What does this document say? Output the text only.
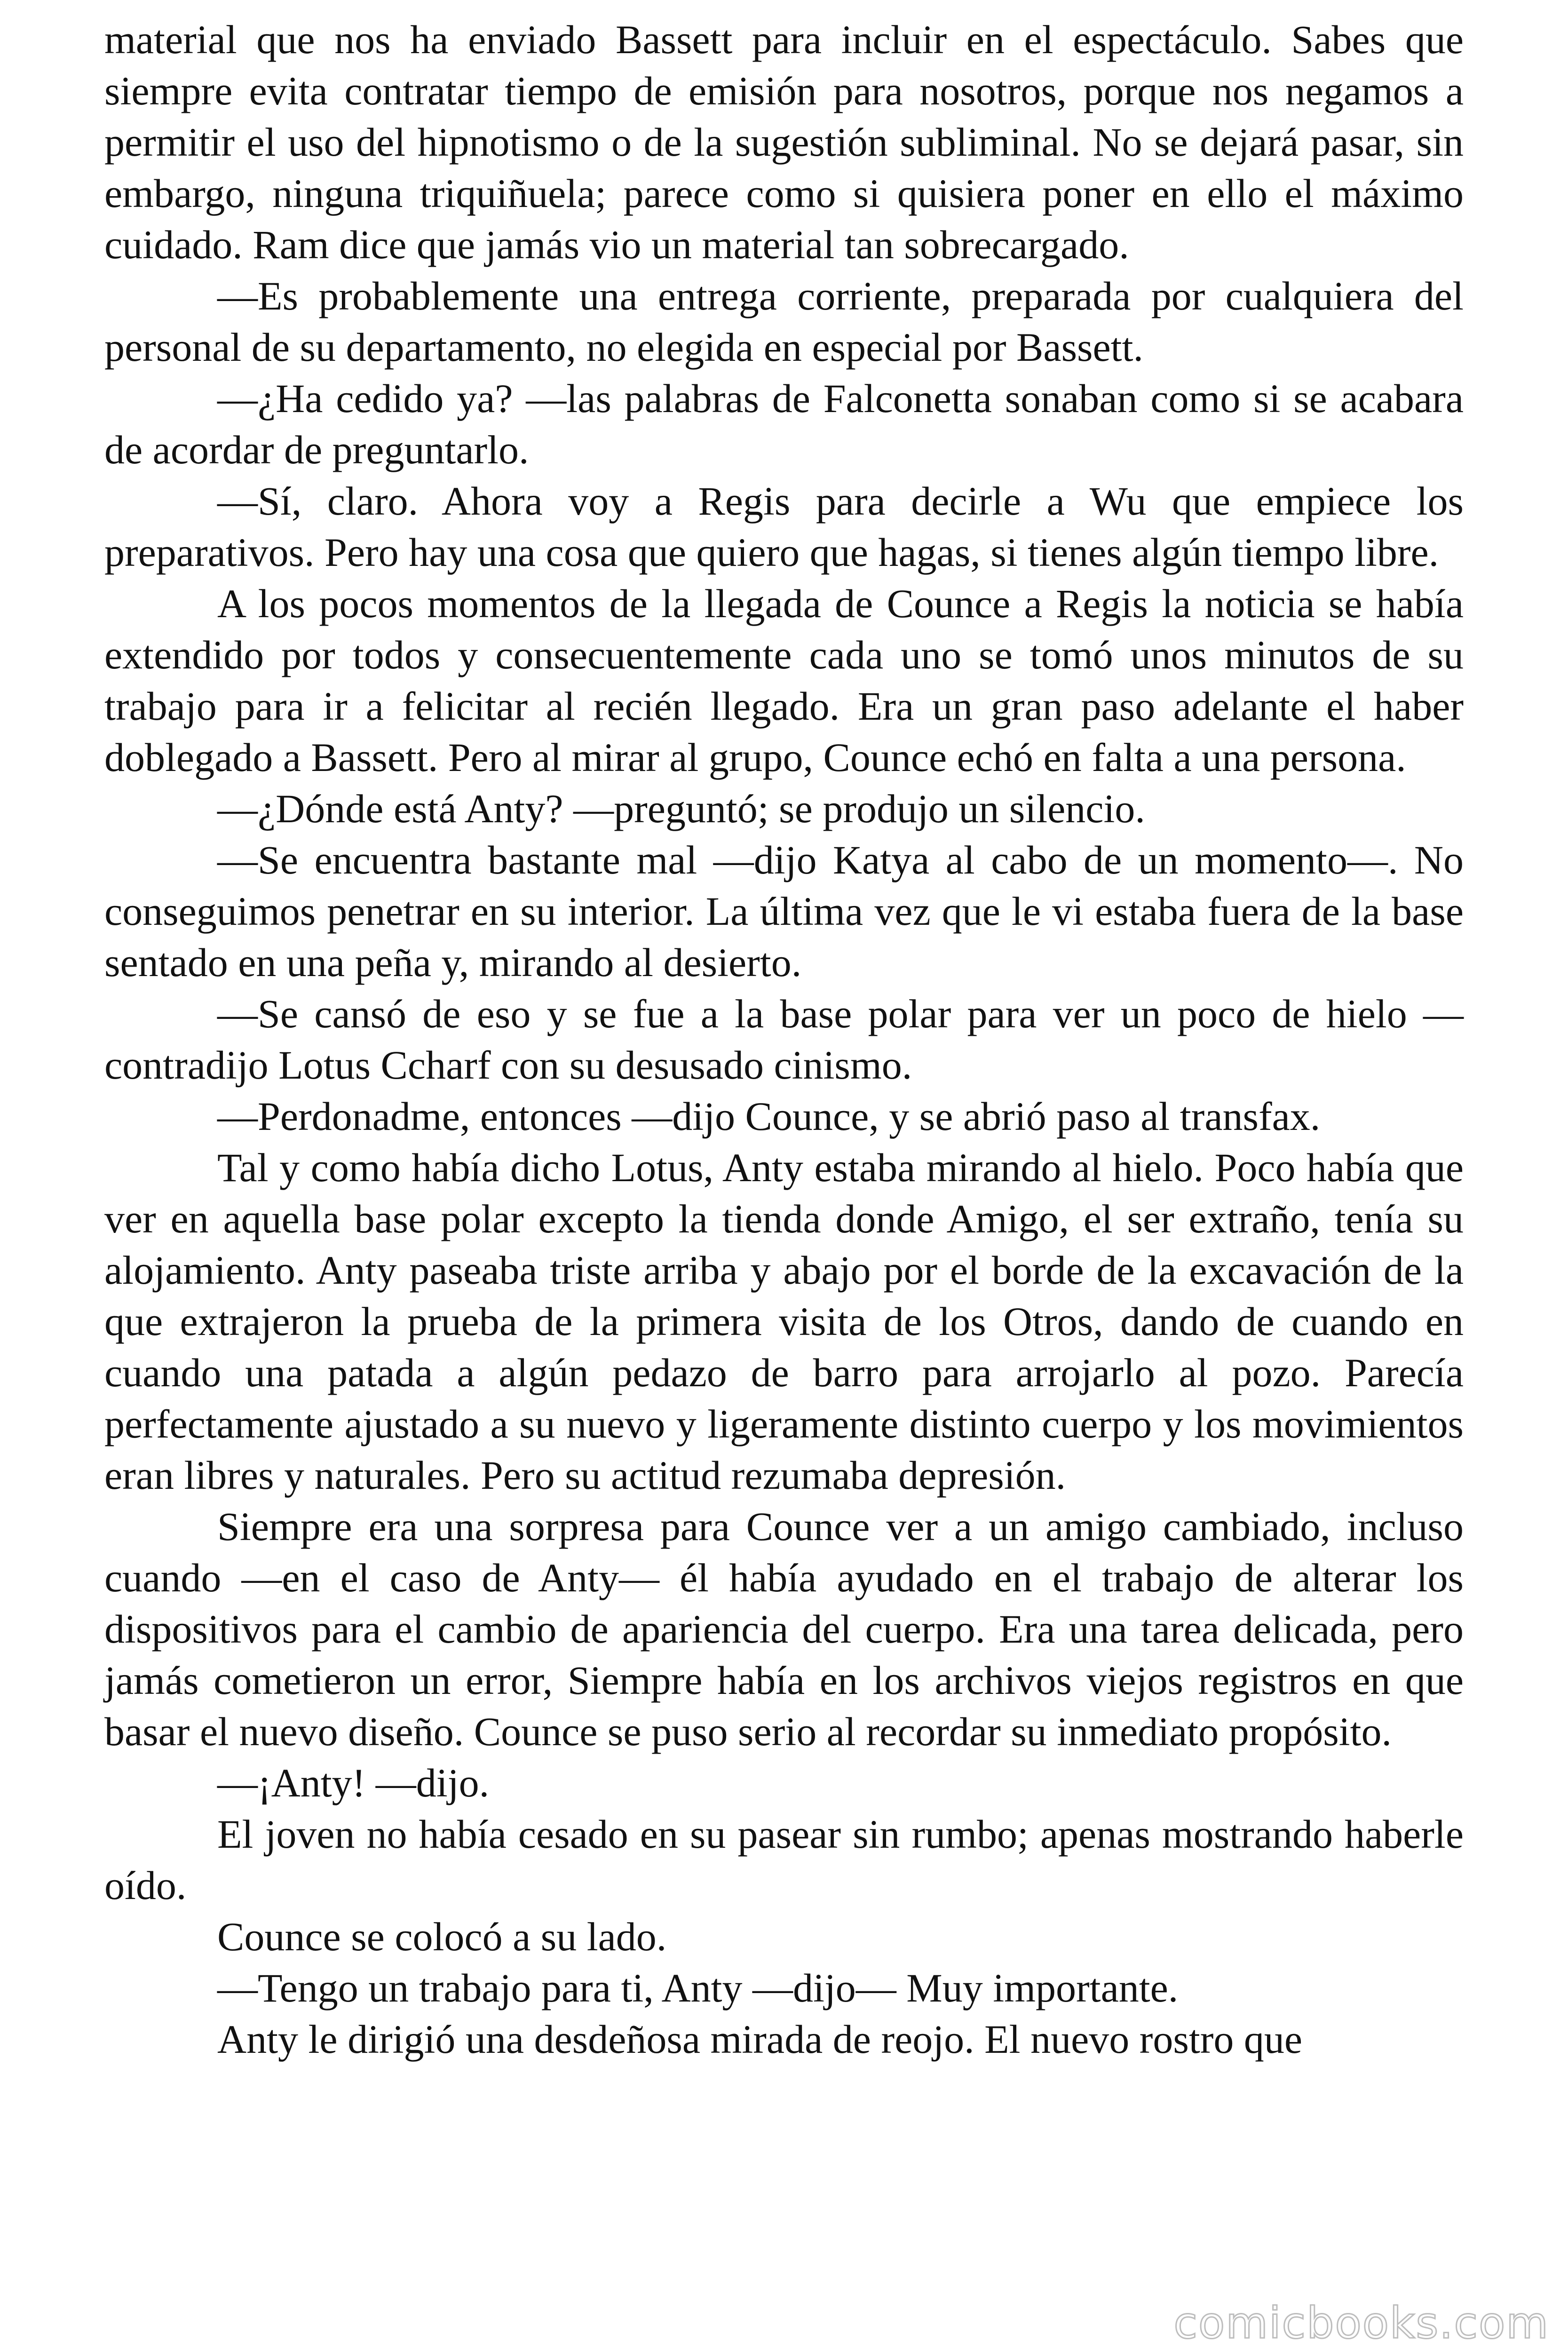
material que nos ha enviado Bassett para incluir en el espectáculo. Sabes que siempre evita contratar tiempo de emisión para nosotros, porque nos negamos a permitir el uso del hipnotismo o de la sugestión subliminal. No se dejará pasar, sin embargo, ninguna triquiñuela; parece como si quisiera poner en ello el máximo cuidado. Ram dice que jamás vio un material tan sobrecargado.

—Es probablemente una entrega corriente, preparada por cualquiera del personal de su departamento, no elegida en especial por Bassett.

—¿Ha cedido ya? —las palabras de Falconetta sonaban como si se acabara de acordar de preguntarlo.

—Sí, claro. Ahora voy a Regis para decirle a Wu que empiece los preparativos. Pero hay una cosa que quiero que hagas, si tienes algún tiempo libre.

A los pocos momentos de la llegada de Counce a Regis la noticia se había extendido por todos y consecuentemente cada uno se tomó unos minutos de su trabajo para ir a felicitar al recién llegado. Era un gran paso adelante el haber doblegado a Bassett. Pero al mirar al grupo, Counce echó en falta a una persona.

—¿Dónde está Anty? —preguntó; se produjo un silencio.

—Se encuentra bastante mal —dijo Katya al cabo de un momento—. No conseguimos penetrar en su interior. La última vez que le vi estaba fuera de la base sentado en una peña y, mirando al desierto.

—Se cansó de eso y se fue a la base polar para ver un poco de hielo —contradijo Lotus Ccharf con su desusado cinismo.

—Perdonadme, entonces —dijo Counce, y se abrió paso al transfax.

Tal y como había dicho Lotus, Anty estaba mirando al hielo. Poco había que ver en aquella base polar excepto la tienda donde Amigo, el ser extraño, tenía su alojamiento. Anty paseaba triste arriba y abajo por el borde de la excavación de la que extrajeron la prueba de la primera visita de los Otros, dando de cuando en cuando una patada a algún pedazo de barro para arrojarlo al pozo. Parecía perfectamente ajustado a su nuevo y ligeramente distinto cuerpo y los movimientos eran libres y naturales. Pero su actitud rezumaba depresión.

Siempre era una sorpresa para Counce ver a un amigo cambiado, incluso cuando —en el caso de Anty— él había ayudado en el trabajo de alterar los dispositivos para el cambio de apariencia del cuerpo. Era una tarea delicada, pero jamás cometieron un error, Siempre había en los archivos viejos registros en que basar el nuevo diseño. Counce se puso serio al recordar su inmediato propósito.

—¡Anty! —dijo.

El joven no había cesado en su pasear sin rumbo; apenas mostrando haberle oído.

Counce se colocó a su lado.

—Tengo un trabajo para ti, Anty —dijo— Muy importante.

Anty le dirigió una desdeñosa mirada de reojo. El nuevo rostro que

comicbooks.com
